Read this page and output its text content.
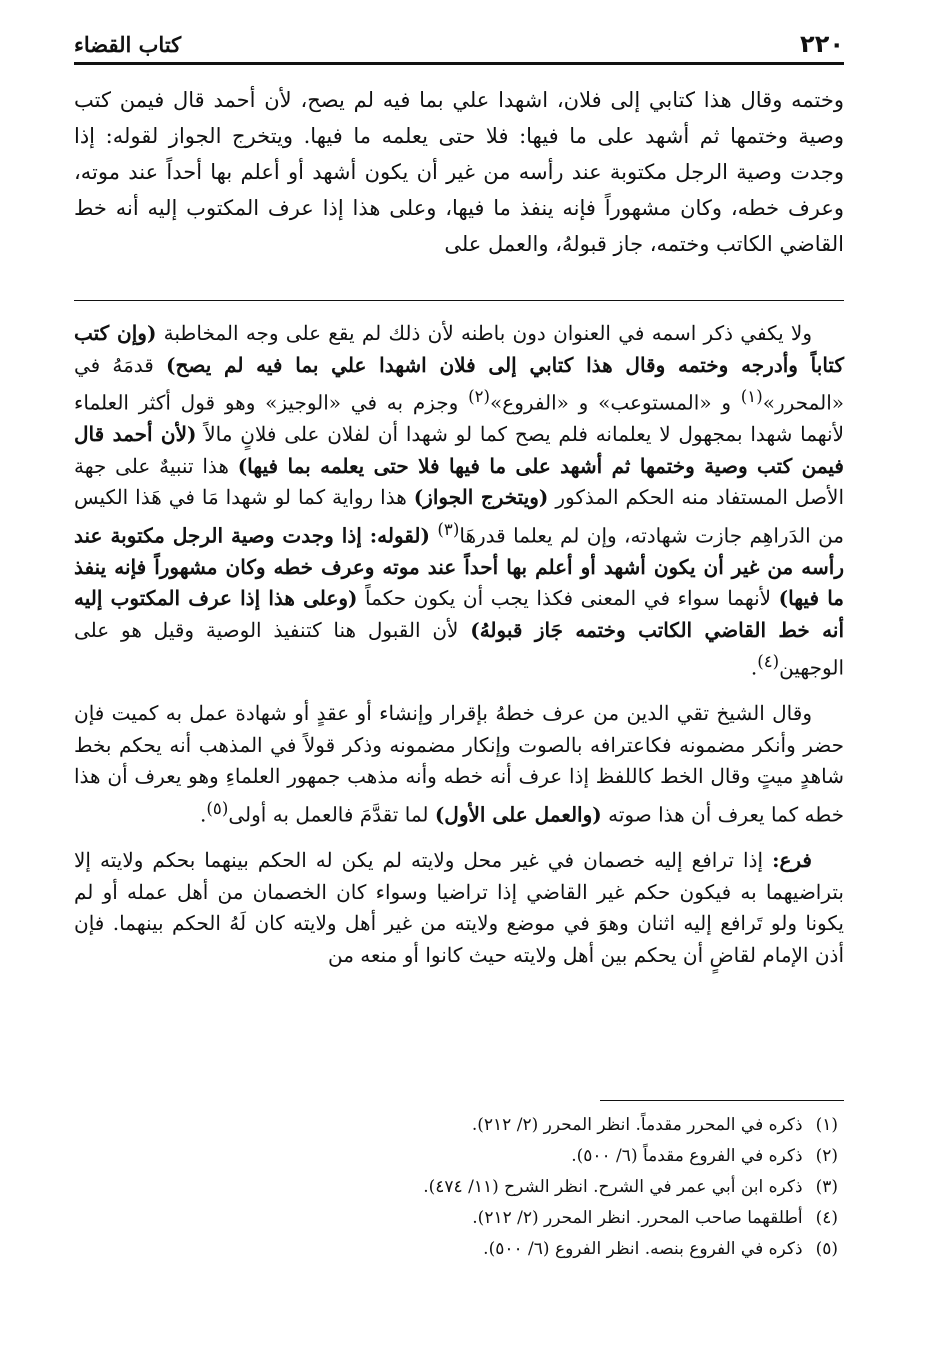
٢٢٠
كتاب القضاء

وختمه وقال هذا كتابي إلى فلان، اشهدا علي بما فيه لم يصح، لأن أحمد قال فيمن كتب وصية وختمها ثم أشهد على ما فيها: فلا حتى يعلمه ما فيها. ويتخرج الجواز لقوله: إذا وجدت وصية الرجل مكتوبة عند رأسه من غير أن يكون أشهد أو أعلم بها أحداً عند موته، وعرف خطه، وكان مشهوراً فإنه ينفذ ما فيها، وعلى هذا إذا عرف المكتوب إليه أنه خط القاضي الكاتب وختمه، جاز قبولهُ، والعمل على

ولا يكفي ذكر اسمه في العنوان دون باطنه لأن ذلك لم يقع على وجه المخاطبة (وإن كتب كتاباً وأدرجه وختمه وقال هذا كتابي إلى فلان اشهدا علي بما فيه لم يصح) قدمَهُ في «المحرر»$^{(١)}$ و «المستوعب» و «الفروع»$^{(٢)}$ وجزم به في «الوجيز» وهو قول أكثر العلماء لأنهما شهدا بمجهول لا يعلمانه فلم يصح كما لو شهدا أن لفلان على فلانٍ مالاً (لأن أحمد قال فيمن كتب وصية وختمها ثم أشهد على ما فيها فلا حتى يعلمه بما فيها) هذا تنبيهٌ على جهة الأصل المستفاد منه الحكم المذكور (ويتخرج الجواز) هذا رواية كما لو شهدا مَا في هَذا الكيس من الدَراهِم جازت شهادته، وإن لم يعلما قدرهَا$^{(٣)}$ (لقوله: إذا وجدت وصية الرجل مكتوبة عند رأسه من غير أن يكون أشهد أو أعلم بها أحداً عند موته وعرف خطه وكان مشهوراً فإنه ينفذ ما فيها) لأنهما سواء في المعنى فكذا يجب أن يكون حكماً (وعلى هذا إذا عرف المكتوب إليه أنه خط القاضي الكاتب وختمه جَاز قبولهُ) لأن القبول هنا كتنفيذ الوصية وقيل هو على الوجهين$^{(٤)}$.

وقال الشيخ تقي الدين من عرف خطهُ بإقرار وإنشاء أو عقدٍ أو شهادة عمل به كميت فإن حضر وأنكر مضمونه فكاعترافه بالصوت وإنكار مضمونه وذكر قولاً في المذهب أنه يحكم بخط شاهدٍ ميتٍ وقال الخط كاللفظ إذا عرف أنه خطه وأنه مذهب جمهور العلماءِ وهو يعرف أن هذا خطه كما يعرف أن هذا صوته (والعمل على الأول) لما تقدَّمَ فالعمل به أولى$^{(٥)}$.

فرع: إذا ترافع إليه خصمان في غير محل ولايته لم يكن له الحكم بينهما بحكم ولايته إلا بتراضيهما به فيكون حكم غير القاضي إذا تراضيا وسواء كان الخصمان من أهل عمله أو لم يكونا ولو تَرافع إليه اثنان وهوَ في موضع ولايته من غير أهل ولايته كان لَهُ الحكم بينهما. فإن أذن الإمام لقاضٍ أن يحكم بين أهل ولايته حيث كانوا أو منعه من

(١) ذكره في المحرر مقدماً. انظر المحرر (٢/ ٢١٢).
(٢) ذكره في الفروع مقدماً (٦/ ٥٠٠).
(٣) ذكره ابن أبي عمر في الشرح. انظر الشرح (١١/ ٤٧٤).
(٤) أطلقهما صاحب المحرر. انظر المحرر (٢/ ٢١٢).
(٥) ذكره في الفروع بنصه. انظر الفروع (٦/ ٥٠٠).
